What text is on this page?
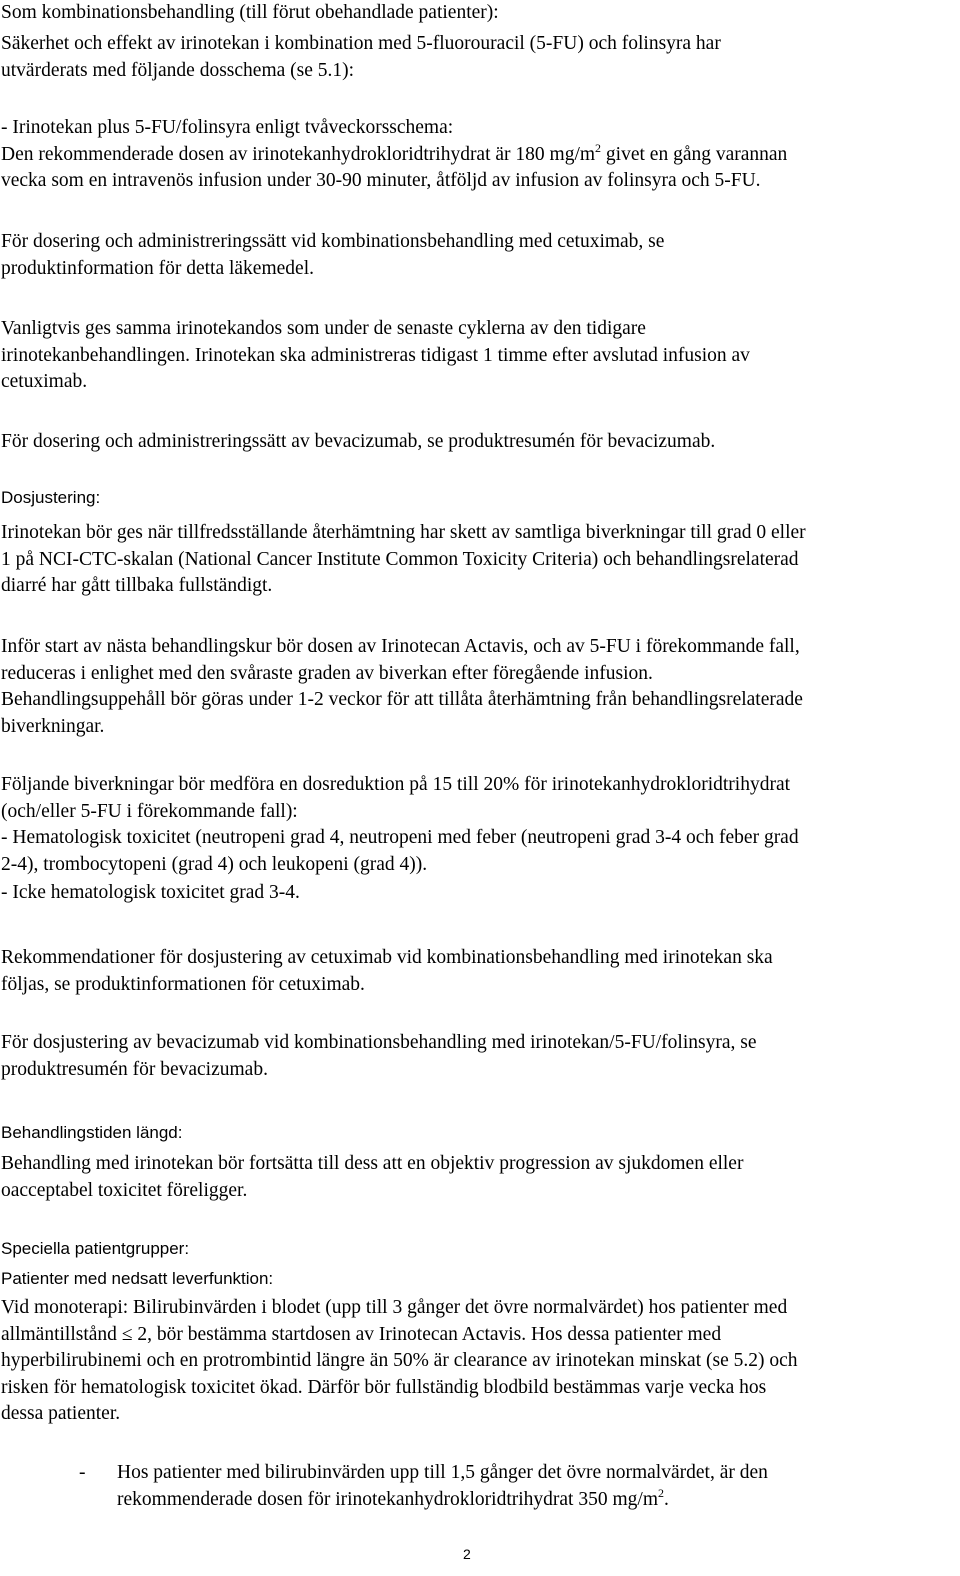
Som kombinationsbehandling (till förut obehandlade patienter):

Säkerhet och effekt av irinotekan i kombination med 5-fluorouracil (5-FU) och folinsyra har
utvärderats med följande dosschema (se 5.1):

- Irinotekan plus 5-FU/folinsyra enligt tvåveckorsschema:
Den rekommenderade dosen av irinotekanhydrokloridtrihydrat är 180 $mg/m^2$ givet en gång varannan
vecka som en intravenös infusion under 30-90 minuter, åtföljd av infusion av folinsyra och 5-FU.

För dosering och administreringssätt vid kombinationsbehandling med cetuximab, se
produktinformation för detta läkemedel.

Vanligtvis ges samma irinotekandos som under de senaste cyklerna av den tidigare
irinotekanbehandlingen. Irinotekan ska administreras tidigast 1 timme efter avslutad infusion av
cetuximab.

För dosering och administreringssätt av bevacizumab, se produktresumén för bevacizumab.

Dosjustering:

Irinotekan bör ges när tillfredsställande återhämtning har skett av samtliga biverkningar till grad 0 eller
1 på NCI-CTC-skalan (National Cancer Institute Common Toxicity Criteria) och behandlingsrelaterad
diarré har gått tillbaka fullständigt.

Inför start av nästa behandlingskur bör dosen av Irinotecan Actavis, och av 5-FU i förekommande fall,
reduceras i enlighet med den svåraste graden av biverkan efter föregående infusion.
Behandlingsuppehåll bör göras under 1-2 veckor för att tillåta återhämtning från behandlingsrelaterade
biverkningar.

Följande biverkningar bör medföra en dosreduktion på 15 till 20% för irinotekanhydrokloridtrihydrat
(och/eller 5-FU i förekommande fall):
- Hematologisk toxicitet (neutropeni grad 4, neutropeni med feber (neutropeni grad 3-4 och feber grad
2-4), trombocytopeni (grad 4) och leukopeni (grad 4)).
- Icke hematologisk toxicitet grad 3-4.

Rekommendationer för dosjustering av cetuximab vid kombinationsbehandling med irinotekan ska
följas, se produktinformationen för cetuximab.

För dosjustering av bevacizumab vid kombinationsbehandling med irinotekan/5-FU/folinsyra, se
produktresumén för bevacizumab.

Behandlingstiden längd:

Behandling med irinotekan bör fortsätta till dess att en objektiv progression av sjukdomen eller
oacceptabel toxicitet föreligger.

Speciella patientgrupper:
Patienter med nedsatt leverfunktion:

Vid monoterapi: Bilirubinvärden i blodet (upp till 3 gånger det övre normalvärdet) hos patienter med
allmäntillstånd ≤ 2, bör bestämma startdosen av Irinotecan Actavis. Hos dessa patienter med
hyperbilirubinemi och en protrombintid längre än 50% är clearance av irinotekan minskat (se 5.2) och
risken för hematologisk toxicitet ökad. Därför bör fullständig blodbild bestämmas varje vecka hos
dessa patienter.

- Hos patienter med bilirubinvärden upp till 1,5 gånger det övre normalvärdet, är den
rekommenderade dosen för irinotekanhydrokloridtrihydrat 350 $mg/m^2$.

2
